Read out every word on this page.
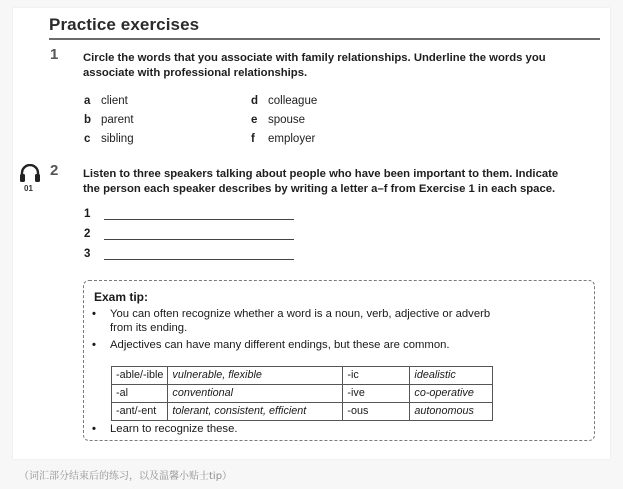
Practice exercises
1 Circle the words that you associate with family relationships. Underline the words you
associate with professional relationships.
a client
b parent
c sibling
d colleague
e spouse
f employer
01
2 Listen to three speakers talking about people who have been important to them. Indicate
the person each speaker describes by writing a letter a–f from Exercise 1 in each space.
1
2
3
Exam tip:
• You can often recognize whether a word is a noun, verb, adjective or adverb
from its ending.
• Adjectives can have many different endings, but these are common.
-able/-ible	vulnerable, flexible	-ic	idealistic
-al	conventional	-ive	co-operative
-ant/-ent	tolerant, consistent, efficient	-ous	autonomous
• Learn to recognize these.
（词汇部分结束后的练习，以及温馨小贴士tip）
